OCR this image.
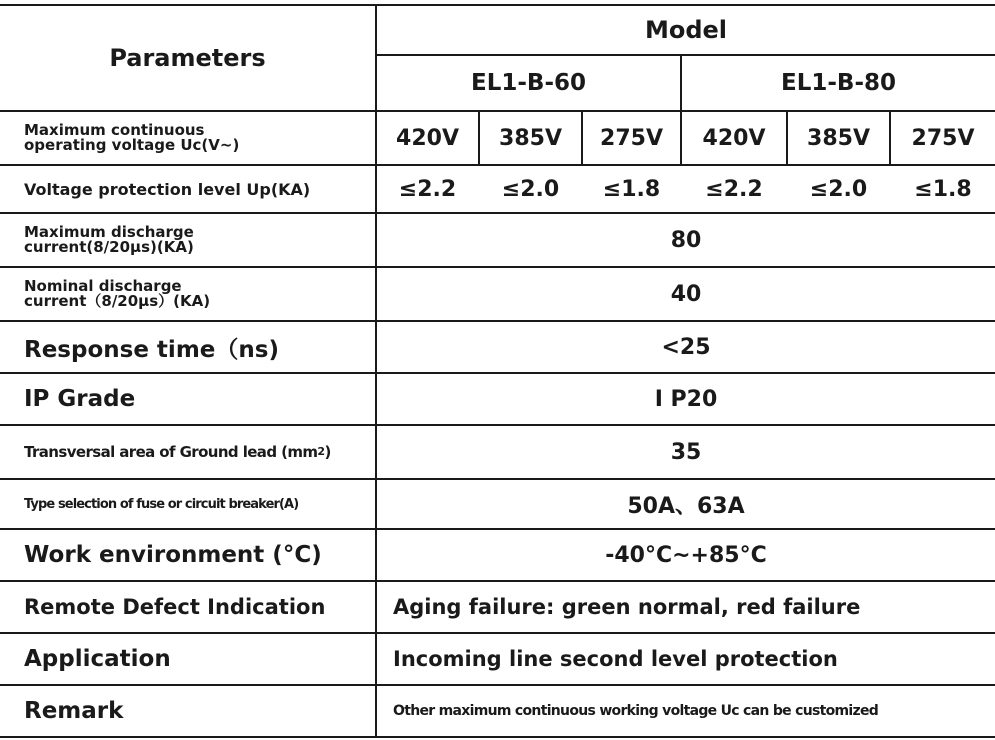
Parameters
Model
EL1-B-60	EL1-B-80
Maximum continuous operating voltage Uc(V~)	420V	385V	275V	420V	385V	275V
Voltage protection level Up(KA)	≤2.2	≤2.0	≤1.8	≤2.2	≤2.0	≤1.8
Maximum discharge current(8/20μs)(KA)	80
Nominal discharge current（8/20μs）(KA)	40
Response time（ns)	<25
IP Grade	I P20
Transversal area of Ground lead (mm 2 )	35
Type selection of fuse or circuit breaker(A)	50A、63A
Work environment (°C)	-40°C~+85°C
Remote Defect Indication	Aging failure: green normal, red failure
Application	Incoming line second level protection
Remark	Other maximum continuous working voltage Uc can be customized
